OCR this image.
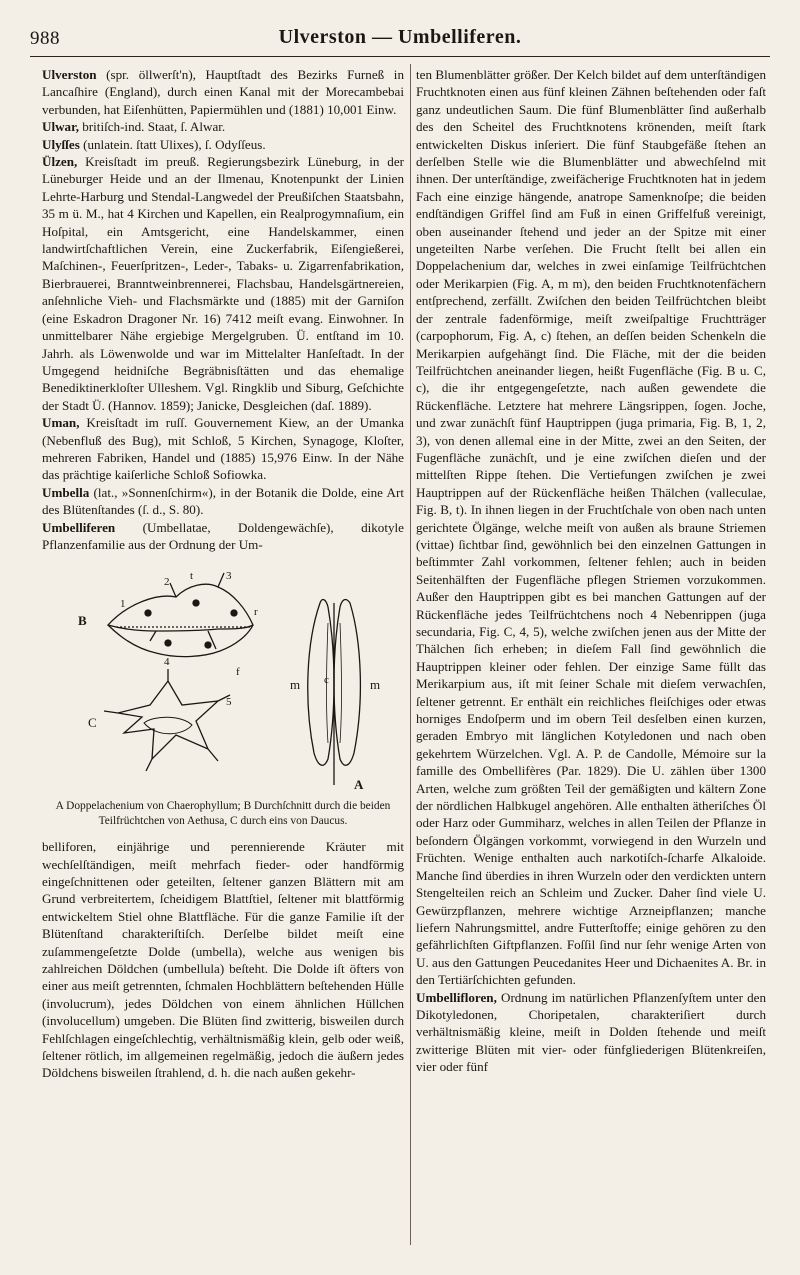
988	Ulverston — Umbelliferen.

Ulverston (spr. öllwerſt'n), Hauptſtadt des Bezirks Furneß in Lancaſhire (England), durch einen Kanal mit der Morecambebai verbunden, hat Eiſenhütten, Papiermühlen und (1881) 10,001 Einw.

Ulwar, britiſch-ind. Staat, ſ. Alwar.

Ulyſſes (unlatein. ſtatt Ulixes), ſ. Odyſſeus.

Ülzen, Kreisſtadt im preuß. Regierungsbezirk Lüneburg, in der Lüneburger Heide und an der Ilmenau, Knotenpunkt der Linien Lehrte-Harburg und Stendal-Langwedel der Preußiſchen Staatsbahn, 35 m ü. M., hat 4 Kirchen und Kapellen, ein Realprogymnaſium, ein Hoſpital, ein Amtsgericht, eine Handelskammer, einen landwirtſchaftlichen Verein, eine Zuckerfabrik, Eiſengießerei, Maſchinen-, Feuerſpritzen-, Leder-, Tabaks- u. Zigarrenfabrikation, Bierbrauerei, Branntweinbrennerei, Flachsbau, Handelsgärtnereien, anſehnliche Vieh- und Flachsmärkte und (1885) mit der Garniſon (eine Eskadron Dragoner Nr. 16) 7412 meiſt evang. Einwohner. In unmittelbarer Nähe ergiebige Mergelgruben. Ü. entſtand im 10. Jahrh. als Löwenwolde und war im Mittelalter Hanſeſtadt. In der Umgegend heidniſche Begräbnisſtätten und das ehemalige Benediktinerkloſter Ulleshem. Vgl. Ringklib und Siburg, Geſchichte der Stadt Ü. (Hannov. 1859); Janicke, Desgleichen (daſ. 1889).

Uman, Kreisſtadt im ruſſ. Gouvernement Kiew, an der Umanka (Nebenfluß des Bug), mit Schloß, 5 Kirchen, Synagoge, Kloſter, mehreren Fabriken, Handel und (1885) 15,976 Einw. In der Nähe das prächtige kaiſerliche Schloß Sofiowka.

Umbella (lat., »Sonnenſchirm«), in der Botanik die Dolde, eine Art des Blütenſtandes (ſ. d., S. 80).

Umbelliferen (Umbellatae, Doldengewächſe), dikotyle Pflanzenfamilie aus der Ordnung der Um-

B
C
A
m	m
c
t
r
1
2	3
f
4
5
A Doppelachenium von Chaerophyllum; B Durchſchnitt durch die beiden Teilfrüchtchen von Aethusa, C durch eins von Daucus.

belliforen, einjährige und perennierende Kräuter mit wechſelſtändigen, meiſt mehrfach fieder- oder handförmig eingeſchnittenen oder geteilten, ſeltener ganzen Blättern mit am Grund verbreitertem, ſcheidigem Blattſtiel, ſeltener mit blattförmig entwickeltem Stiel ohne Blattfläche. Für die ganze Familie iſt der Blütenſtand charakteriſtiſch. Derſelbe bildet meiſt eine zuſammengeſetzte Dolde (umbella), welche aus wenigen bis zahlreichen Döldchen (umbellula) beſteht. Die Dolde iſt öfters von einer aus meiſt getrennten, ſchmalen Hochblättern beſtehenden Hülle (involucrum), jedes Döldchen von einem ähnlichen Hüllchen (involucellum) umgeben. Die Blüten ſind zwitterig, bisweilen durch Fehlſchlagen eingeſchlechtig, verhältnismäßig klein, gelb oder weiß, ſeltener rötlich, im allgemeinen regelmäßig, jedoch die äußern jedes Döldchens bisweilen ſtrahlend, d. h. die nach außen gekehr-

ten Blumenblätter größer. Der Kelch bildet auf dem unterſtändigen Fruchtknoten einen aus fünf kleinen Zähnen beſtehenden oder faſt ganz undeutlichen Saum. Die fünf Blumenblätter ſind außerhalb des den Scheitel des Fruchtknotens krönenden, meiſt ſtark entwickelten Diskus inſeriert. Die fünf Staubgefäße ſtehen an derſelben Stelle wie die Blumenblätter und abwechſelnd mit ihnen. Der unterſtändige, zweifächerige Fruchtknoten hat in jedem Fach eine einzige hängende, anatrope Samenknoſpe; die beiden endſtändigen Griffel ſind am Fuß in einen Griffelfuß vereinigt, oben auseinander ſtehend und jeder an der Spitze mit einer ungeteilten Narbe verſehen. Die Frucht ſtellt bei allen ein Doppelachenium dar, welches in zwei einſamige Teilfrüchtchen oder Merikarpien (Fig. A, m m), den beiden Fruchtknotenfächern entſprechend, zerfällt. Zwiſchen den beiden Teilfrüchtchen bleibt der zentrale fadenförmige, meiſt zweiſpaltige Fruchtträger (carpophorum, Fig. A, c) ſtehen, an deſſen beiden Schenkeln die Merikarpien aufgehängt ſind. Die Fläche, mit der die beiden Teilfrüchtchen aneinander liegen, heißt Fugenfläche (Fig. B u. C, c), die ihr entgegengeſetzte, nach außen gewendete die Rückenfläche. Letztere hat mehrere Längsrippen, ſogen. Joche, und zwar zunächſt fünf Hauptrippen (juga primaria, Fig. B, 1, 2, 3), von denen allemal eine in der Mitte, zwei an den Seiten, der Fugenfläche zunächſt, und je eine zwiſchen dieſen und der mittelſten Rippe ſtehen. Die Vertiefungen zwiſchen je zwei Hauptrippen auf der Rückenfläche heißen Thälchen (valleculae, Fig. B, t). In ihnen liegen in der Fruchtſchale von oben nach unten gerichtete Ölgänge, welche meiſt von außen als braune Striemen (vittae) ſichtbar ſind, gewöhnlich bei den einzelnen Gattungen in beſtimmter Zahl vorkommen, ſeltener fehlen; auch in beiden Seitenhälften der Fugenfläche pflegen Striemen vorzukommen. Außer den Hauptrippen gibt es bei manchen Gattungen auf der Rückenfläche jedes Teilfrüchtchens noch 4 Nebenrippen (juga secundaria, Fig. C, 4, 5), welche zwiſchen jenen aus der Mitte der Thälchen ſich erheben; in dieſem Fall ſind gewöhnlich die Hauptrippen kleiner oder fehlen. Der einzige Same füllt das Merikarpium aus, iſt mit ſeiner Schale mit dieſem verwachſen, ſeltener getrennt. Er enthält ein reichliches fleiſchiges oder etwas horniges Endoſperm und im obern Teil desſelben einen kurzen, geraden Embryo mit länglichen Kotyledonen und nach oben gekehrtem Würzelchen. Vgl. A. P. de Candolle, Mémoire sur la famille des Ombellifères (Par. 1829). Die U. zählen über 1300 Arten, welche zum größten Teil der gemäßigten und kältern Zone der nördlichen Halbkugel angehören. Alle enthalten ätheriſches Öl oder Harz oder Gummiharz, welches in allen Teilen der Pflanze in beſondern Ölgängen vorkommt, vorwiegend in den Wurzeln und Früchten. Wenige enthalten auch narkotiſch-ſcharfe Alkaloide. Manche ſind überdies in ihren Wurzeln oder den verdickten untern Stengelteilen reich an Schleim und Zucker. Daher ſind viele U. Gewürzpflanzen, mehrere wichtige Arzneipflanzen; manche liefern Nahrungsmittel, andre Futterſtoffe; einige gehören zu den gefährlichſten Giftpflanzen. Foſſil ſind nur ſehr wenige Arten von U. aus den Gattungen Peucedanites Heer und Dichaenites A. Br. in den Tertiärſchichten gefunden.

Umbellifloren, Ordnung im natürlichen Pflanzenſyſtem unter den Dikotyledonen, Choripetalen, charakteriſiert durch verhältnismäßig kleine, meiſt in Dolden ſtehende und meiſt zwitterige Blüten mit vier- oder fünfgliederigen Blütenkreiſen, vier oder fünf
